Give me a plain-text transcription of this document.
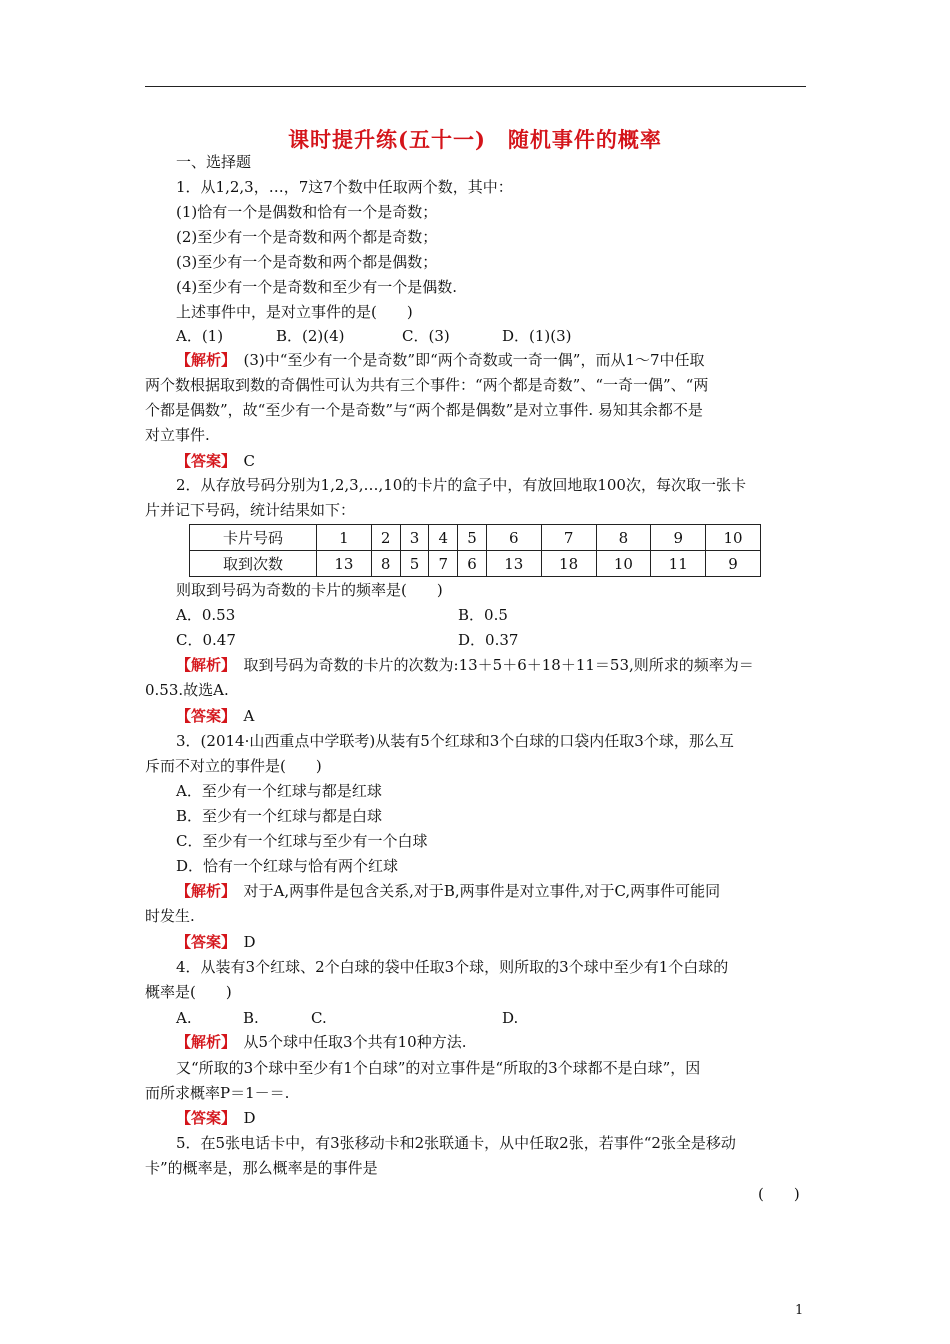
课时提升练(五十一)　随机事件的概率
一、选择题
1．从1,2,3，…，7这7个数中任取两个数，其中：
(1)恰有一个是偶数和恰有一个是奇数；
(2)至少有一个是奇数和两个都是奇数；
(3)至少有一个是奇数和两个都是偶数；
(4)至少有一个是奇数和至少有一个是偶数.
上述事件中，是对立事件的是(　　)
A．(1)	B．(2)(4)	C．(3)	D．(1)(3)
【解析】　(3)中“至少有一个是奇数”即“两个奇数或一奇一偶”，而从1～7中任取
两个数根据取到数的奇偶性可认为共有三个事件：“两个都是奇数”、“一奇一偶”、“两
个都是偶数”，故“至少有一个是奇数”与“两个都是偶数”是对立事件. 易知其余都不是
对立事件.
【答案】　C
2．从存放号码分别为1,2,3,…,10的卡片的盒子中，有放回地取100次，每次取一张卡
片并记下号码，统计结果如下：
卡片号码	1	2	3	4	5	6	7	8	9	10
取到次数	13	8	5	7	6	13	18	10	11	9
则取到号码为奇数的卡片的频率是(　　)
A．0.53	B．0.5
C．0.47	D．0.37
【解析】　取到号码为奇数的卡片的次数为:13＋5＋6＋18＋11＝53,则所求的频率为＝
0.53.故选A.
【答案】　A
3．(2014·山西重点中学联考)从装有5个红球和3个白球的口袋内任取3个球，那么互
斥而不对立的事件是(　　)
A．至少有一个红球与都是红球
B．至少有一个红球与都是白球
C．至少有一个红球与至少有一个白球
D．恰有一个红球与恰有两个红球
【解析】　对于A,两事件是包含关系,对于B,两事件是对立事件,对于C,两事件可能同
时发生.
【答案】　D
4．从装有3个红球、2个白球的袋中任取3个球，则所取的3个球中至少有1个白球的
概率是(　　)
A.	B.	C.	D.
【解析】　从5个球中任取3个共有10种方法.
又“所取的3个球中至少有1个白球”的对立事件是“所取的3个球都不是白球”，因
而所求概率P＝1－＝.
【答案】　D
5．在5张电话卡中，有3张移动卡和2张联通卡，从中任取2张，若事件“2张全是移动
卡”的概率是，那么概率是的事件是
(　　)
1
